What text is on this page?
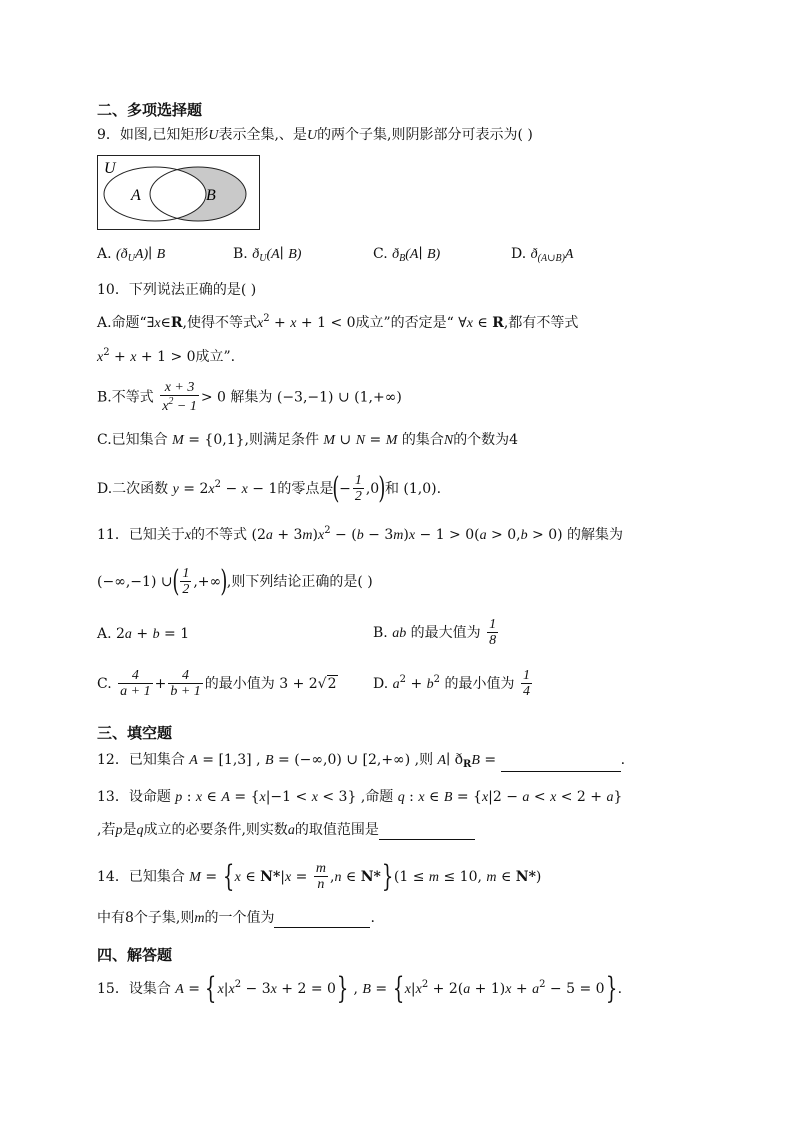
二、多项选择题
9．如图,已知矩形U表示全集,、是U的两个子集,则阴影部分可表示为( )
U
A	B
A. $(ð_UA)∣$ B	B. $ð_U(A∣$ B)	C. $ð_B(A∣$ B)	D. $ð_{(A\cup B)}A$
10．下列说法正确的是( )
A.命题“∃x∈R,使得不等式$x^2 + x + 1 < 0$成立”的否定是“ ∀x ∈ R,都有不等式
$x^2 + x + 1 > 0$成立”.
B.不等式 $\frac{x + 3}{x^2 - 1} > 0$ 解集为 (−3,−1) ∪ (1,+∞)
C.已知集合 M = {0,1},则满足条件 M ∪ N = M 的集合N的个数为4
D.二次函数 $y = 2x^2 - x - 1$的零点是(− $\frac{1}{2} ,0$)和 (1,0).
11．已知关于x的不等式 $(2a + 3m)x^2 - (b - 3m)x - 1 > 0(a > 0,b > 0)$ 的解集为
(−∞,−1) ∪( $\frac{1}{2}$ ,+∞),则下列结论正确的是( )
A. 2a + b = 1	B. ab 的最大值为 $\frac{1}{8}$
C. $\frac{4}{a + 1} + \frac{4}{b + 1}$ 的最小值为 3 + 2√2	D. $a^2 + b^2$ 的最小值为 $\frac{1}{4}$
三、填空题
12．已知集合 A = [1,3] , B = (−∞,0) ∪ [2,+∞) ,则 A∣ $ð_RB$ =	.
13．设命题 p : x ∈ A = {x|−1 < x < 3} ,命题 q : x ∈ B = {x|2 − a < x < 2 + a}
,若p是q成立的必要条件,则实数a的取值范围是
14．已知集合 M = {x ∈ $N*|x = \frac{m}{n} ,n$ ∈ N*}(1 ≤ m ≤ 10, m ∈ N*)
中有8个子集,则m的一个值为	.
四、解答题
15．设集合 $A = \{x|x^2 - 3x + 2 = 0\}$ , $B = \{x|x^2 + 2(a + 1)x + a^2 - 5 = 0\}$.
